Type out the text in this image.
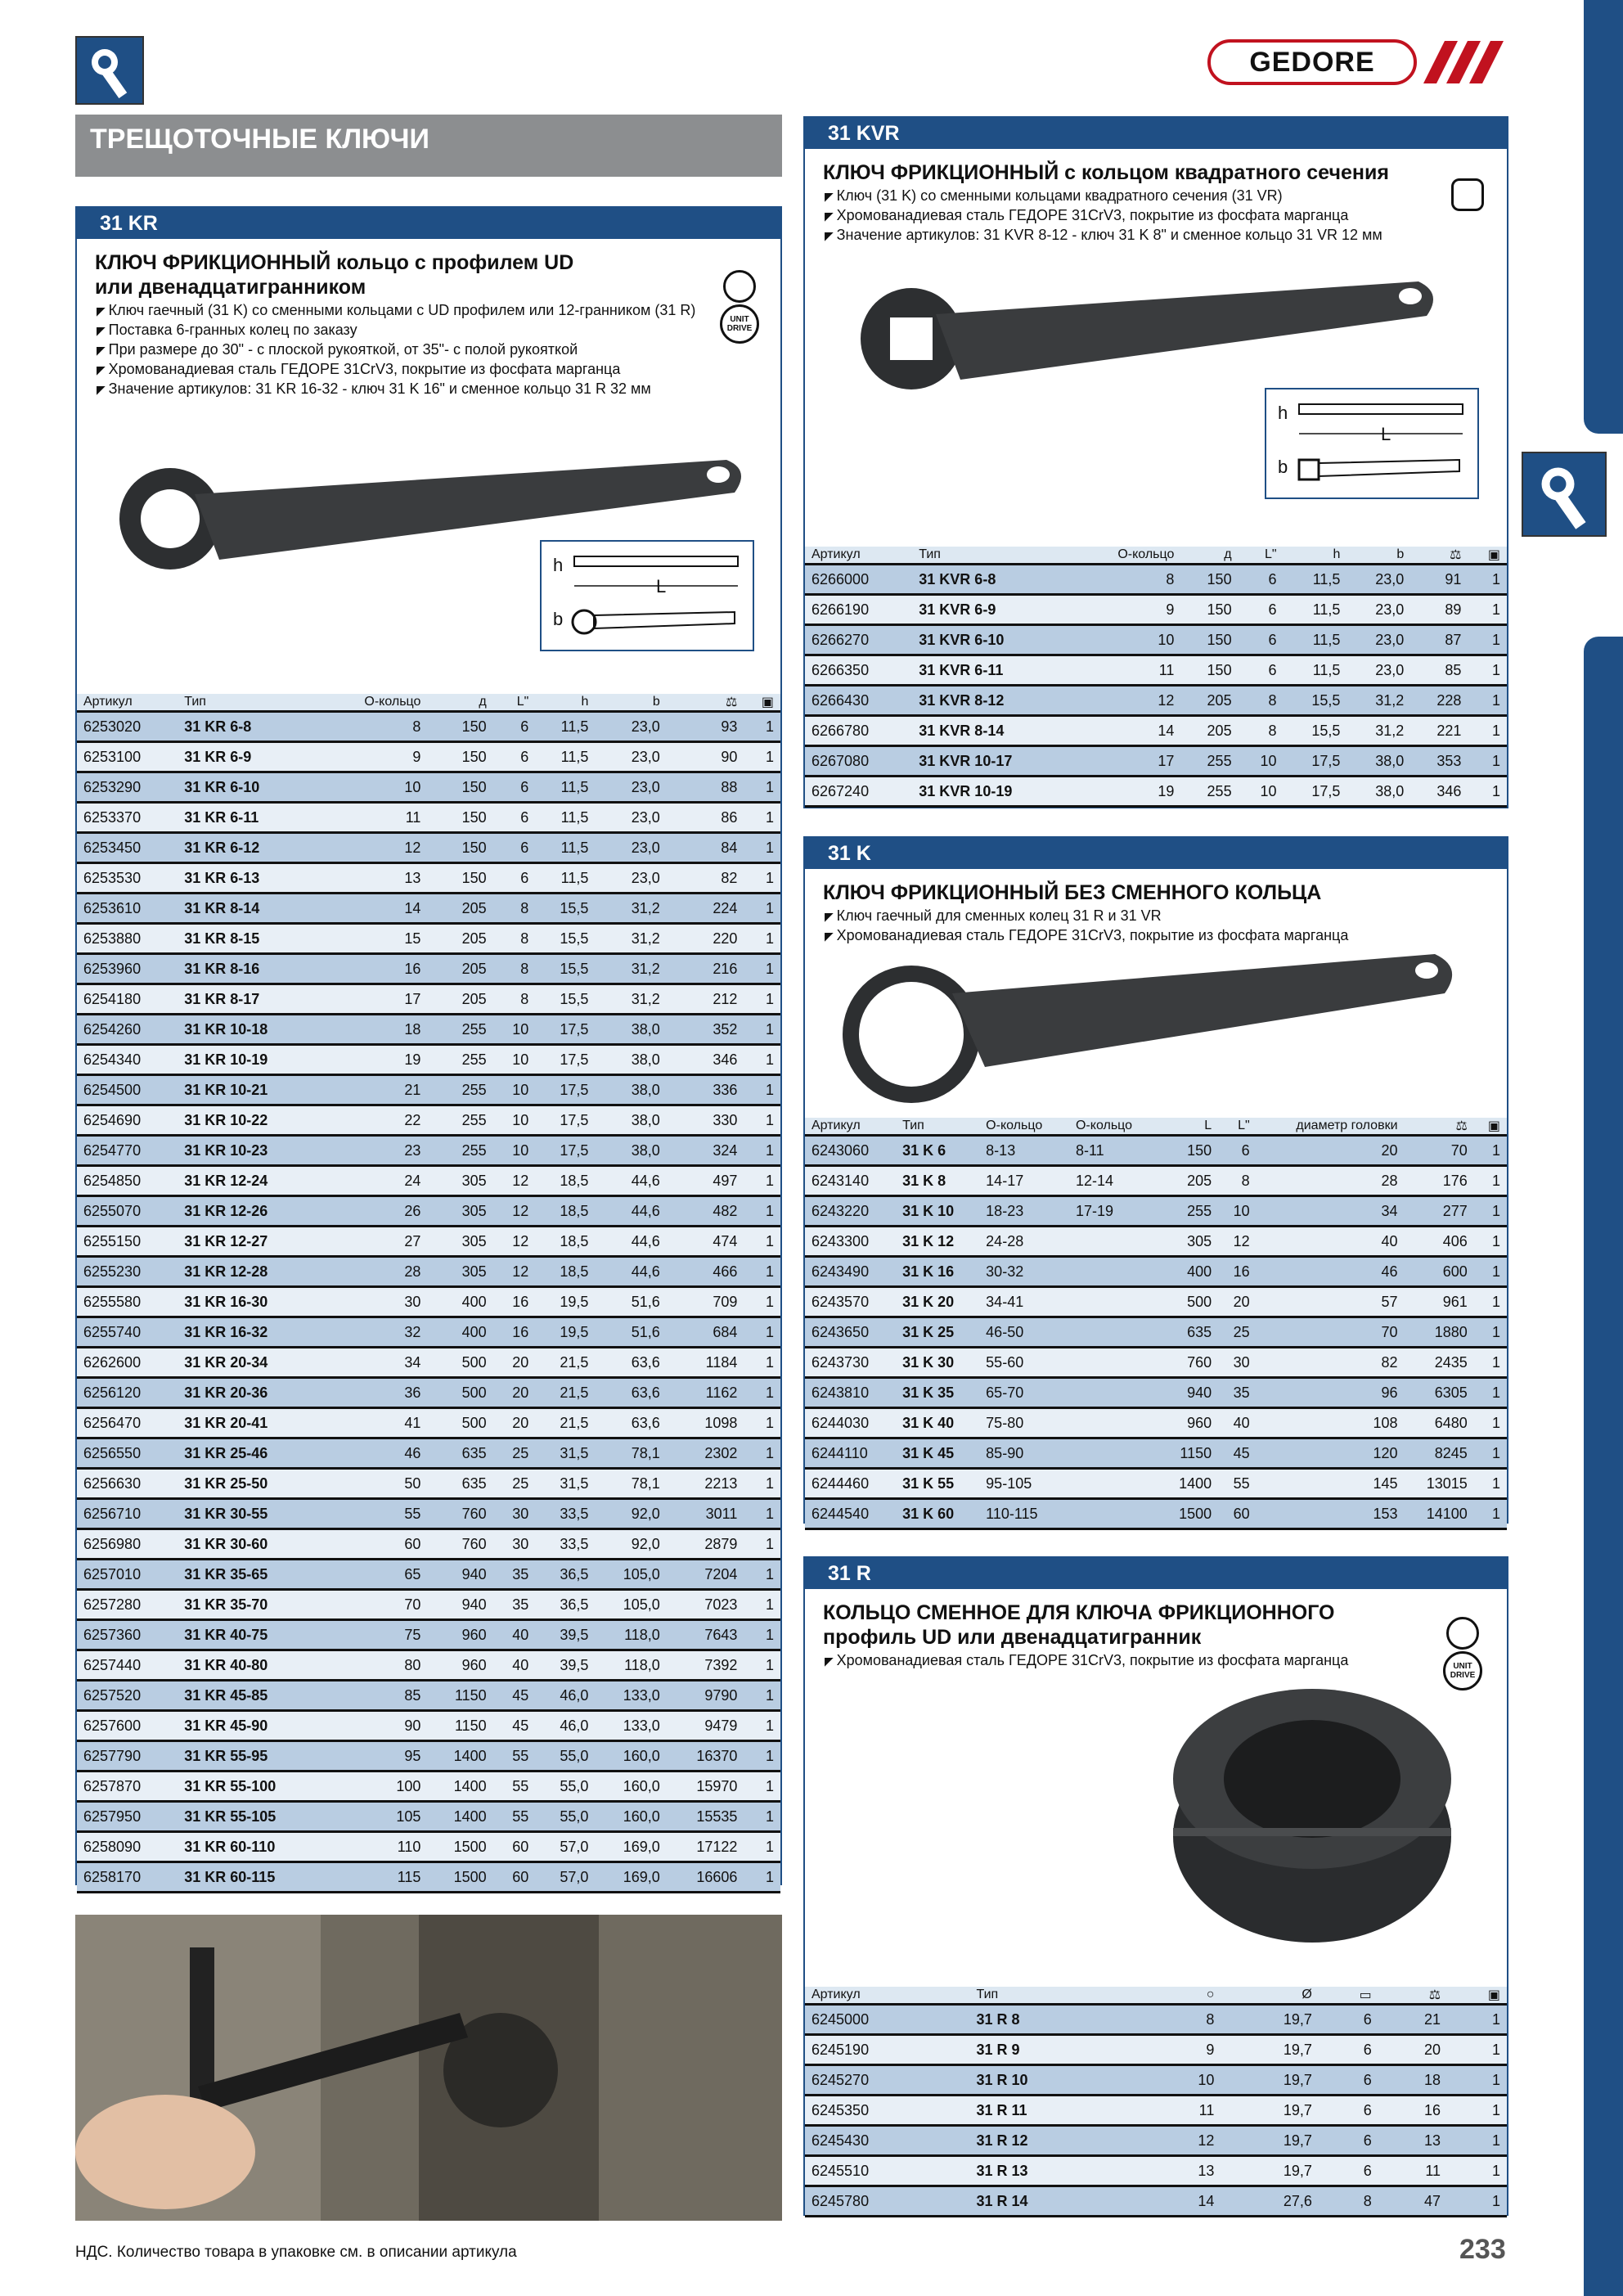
GEDORE
ТРЕЩОТОЧНЫЕ КЛЮЧИ
31 KR
КЛЮЧ ФРИКЦИОННЫЙ кольцо с профилем UD
или двенадцатигранником
◤ Ключ гаечный (31 K) со сменными кольцами с UD профилем или 12-гранником (31 R)
◤ Поставка 6-гранных колец по заказу
◤ При размере до 30" - с плоской рукояткой, от 35"- с полой рукояткой
◤ Хромованадиевая сталь ГЕДОРЕ 31CrV3, покрытие из фосфата марганца
◤ Значение артикулов: 31 KR 16-32 - ключ 31 K 16" и сменное кольцо 31 R 32 мм
UNIT
DRIVE
h
b
L
Артикул	Тип	О-кольцо	д	L"	h	b	⚖	▣
6253020	31 KR 6-8	8	150	6	11,5	23,0	93	1
6253100	31 KR 6-9	9	150	6	11,5	23,0	90	1
6253290	31 KR 6-10	10	150	6	11,5	23,0	88	1
6253370	31 KR 6-11	11	150	6	11,5	23,0	86	1
6253450	31 KR 6-12	12	150	6	11,5	23,0	84	1
6253530	31 KR 6-13	13	150	6	11,5	23,0	82	1
6253610	31 KR 8-14	14	205	8	15,5	31,2	224	1
6253880	31 KR 8-15	15	205	8	15,5	31,2	220	1
6253960	31 KR 8-16	16	205	8	15,5	31,2	216	1
6254180	31 KR 8-17	17	205	8	15,5	31,2	212	1
6254260	31 KR 10-18	18	255	10	17,5	38,0	352	1
6254340	31 KR 10-19	19	255	10	17,5	38,0	346	1
6254500	31 KR 10-21	21	255	10	17,5	38,0	336	1
6254690	31 KR 10-22	22	255	10	17,5	38,0	330	1
6254770	31 KR 10-23	23	255	10	17,5	38,0	324	1
6254850	31 KR 12-24	24	305	12	18,5	44,6	497	1
6255070	31 KR 12-26	26	305	12	18,5	44,6	482	1
6255150	31 KR 12-27	27	305	12	18,5	44,6	474	1
6255230	31 KR 12-28	28	305	12	18,5	44,6	466	1
6255580	31 KR 16-30	30	400	16	19,5	51,6	709	1
6255740	31 KR 16-32	32	400	16	19,5	51,6	684	1
6262600	31 KR 20-34	34	500	20	21,5	63,6	1184	1
6256120	31 KR 20-36	36	500	20	21,5	63,6	1162	1
6256470	31 KR 20-41	41	500	20	21,5	63,6	1098	1
6256550	31 KR 25-46	46	635	25	31,5	78,1	2302	1
6256630	31 KR 25-50	50	635	25	31,5	78,1	2213	1
6256710	31 KR 30-55	55	760	30	33,5	92,0	3011	1
6256980	31 KR 30-60	60	760	30	33,5	92,0	2879	1
6257010	31 KR 35-65	65	940	35	36,5	105,0	7204	1
6257280	31 KR 35-70	70	940	35	36,5	105,0	7023	1
6257360	31 KR 40-75	75	960	40	39,5	118,0	7643	1
6257440	31 KR 40-80	80	960	40	39,5	118,0	7392	1
6257520	31 KR 45-85	85	1150	45	46,0	133,0	9790	1
6257600	31 KR 45-90	90	1150	45	46,0	133,0	9479	1
6257790	31 KR 55-95	95	1400	55	55,0	160,0	16370	1
6257870	31 KR 55-100	100	1400	55	55,0	160,0	15970	1
6257950	31 KR 55-105	105	1400	55	55,0	160,0	15535	1
6258090	31 KR 60-110	110	1500	60	57,0	169,0	17122	1
6258170	31 KR 60-115	115	1500	60	57,0	169,0	16606	1
31 KVR
КЛЮЧ ФРИКЦИОННЫЙ с кольцом квадратного сечения
◤ Ключ (31 K) со сменными кольцами квадратного сечения (31 VR)
◤ Хромованадиевая сталь ГЕДОРЕ 31CrV3, покрытие из фосфата марганца
◤ Значение артикулов: 31 KVR 8-12 - ключ 31 K 8" и сменное кольцо 31 VR 12 мм
h
b
L
Артикул	Тип	О-кольцо	д	L"	h	b	⚖	▣
6266000	31 KVR 6-8	8	150	6	11,5	23,0	91	1
6266190	31 KVR 6-9	9	150	6	11,5	23,0	89	1
6266270	31 KVR 6-10	10	150	6	11,5	23,0	87	1
6266350	31 KVR 6-11	11	150	6	11,5	23,0	85	1
6266430	31 KVR 8-12	12	205	8	15,5	31,2	228	1
6266780	31 KVR 8-14	14	205	8	15,5	31,2	221	1
6267080	31 KVR 10-17	17	255	10	17,5	38,0	353	1
6267240	31 KVR 10-19	19	255	10	17,5	38,0	346	1
31 K
КЛЮЧ ФРИКЦИОННЫЙ БЕЗ СМЕННОГО КОЛЬЦА
◤ Ключ гаечный для сменных колец 31 R и 31 VR
◤ Хромованадиевая сталь ГЕДОРЕ 31CrV3, покрытие из фосфата марганца
Артикул	Тип	О-кольцо	О-кольцо	L	L"	диаметр головки	⚖	▣
6243060	31 K 6	8-13	8-11	150	6	20	70	1
6243140	31 K 8	14-17	12-14	205	8	28	176	1
6243220	31 K 10	18-23	17-19	255	10	34	277	1
6243300	31 K 12	24-28		305	12	40	406	1
6243490	31 K 16	30-32		400	16	46	600	1
6243570	31 K 20	34-41		500	20	57	961	1
6243650	31 K 25	46-50		635	25	70	1880	1
6243730	31 K 30	55-60		760	30	82	2435	1
6243810	31 K 35	65-70		940	35	96	6305	1
6244030	31 K 40	75-80		960	40	108	6480	1
6244110	31 K 45	85-90		1150	45	120	8245	1
6244460	31 K 55	95-105		1400	55	145	13015	1
6244540	31 K 60	110-115		1500	60	153	14100	1
31 R
КОЛЬЦО СМЕННОЕ ДЛЯ КЛЮЧА ФРИКЦИОННОГО
профиль UD или двенадцатигранник
◤ Хромованадиевая сталь ГЕДОРЕ 31CrV3, покрытие из фосфата марганца	UNIT
DRIVE
Артикул	Тип		○	Ø	▭	⚖	▣
6245000	31 R 8		8	19,7	6	21	1
6245190	31 R 9		9	19,7	6	20	1
6245270	31 R 10		10	19,7	6	18	1
6245350	31 R 11		11	19,7	6	16	1
6245430	31 R 12		12	19,7	6	13	1
6245510	31 R 13		13	19,7	6	11	1
6245780	31 R 14		14	27,6	8	47	1
НДС. Количество товара в упаковке см. в описании артикула	233
